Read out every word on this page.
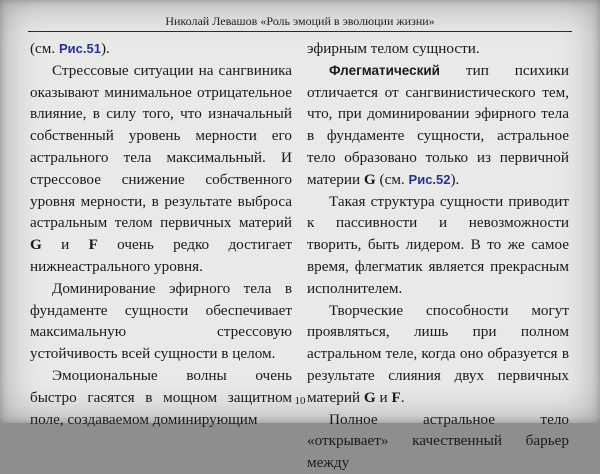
Николай Левашов «Роль эмоций в эволюции жизни»

(см. Рис.51).

Стрессовые ситуации на сангвиника оказывают минимальное отрицательное влияние, в силу того, что изначальный собственный уровень мерности его астрального тела максимальный. И стрессовое снижение собственного уровня мерности, в результате выброса астральным телом первичных материй G и F очень редко достигает нижнеастрального уровня.

Доминирование эфирного тела в фундаменте сущности обеспечивает максимальную стрессовую устойчивость всей сущности в целом.

Эмоциональные волны очень быстро гасятся в мощном защитном поле, создаваемом доминирующим

эфирным телом сущности.

Флегматический тип психики отличается от сангвинистического тем, что, при доминировании эфирного тела в фундаменте сущности, астральное тело образовано только из первичной материи G (см. Рис.52).

Такая структура сущности приводит к пассивности и невозможности творить, быть лидером. В то же самое время, флегматик является прекрасным исполнителем.

Творческие способности могут проявляться, лишь при полном астральном теле, когда оно образуется в результате слияния двух первичных материй G и F.

Полное астральное тело «открывает» качественный барьер между

10
